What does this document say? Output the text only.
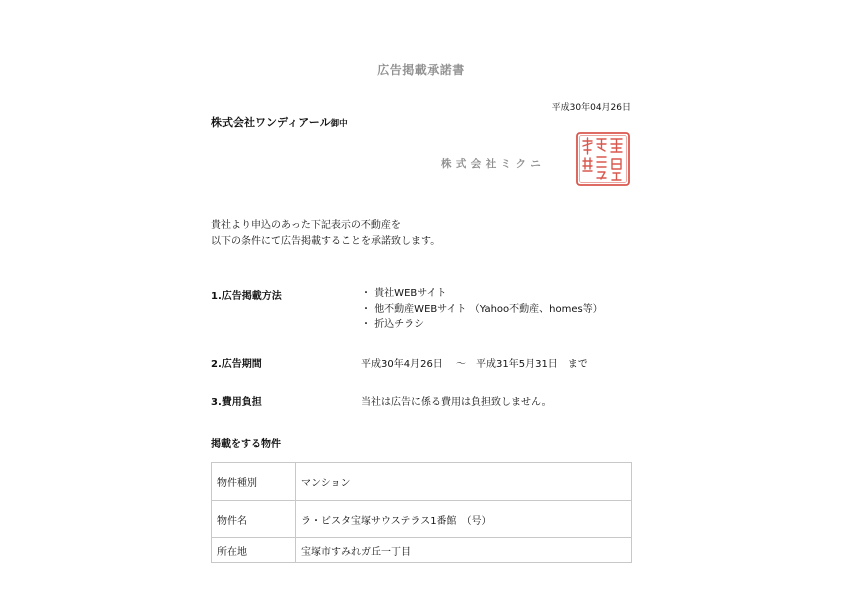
広告掲載承諾書
平成30年04月26日
株式会社ワンディアール御中
株式会社ミクニ
貴社より申込のあった下記表示の不動産を
以下の条件にて広告掲載することを承諾致します。
1.広告掲載方法	・ 貴社WEBサイト
・ 他不動産WEBサイト （Yahoo不動産、homes等）
・ 折込チラシ
2.広告期間	平成30年4月26日　 〜　平成31年5月31日　まで
3.費用負担	当社は広告に係る費用は負担致しません。
掲載をする物件
物件種別	マンション
物件名	ラ・ビスタ宝塚サウステラス1番館　（号）
所在地	宝塚市すみれガ丘一丁目
